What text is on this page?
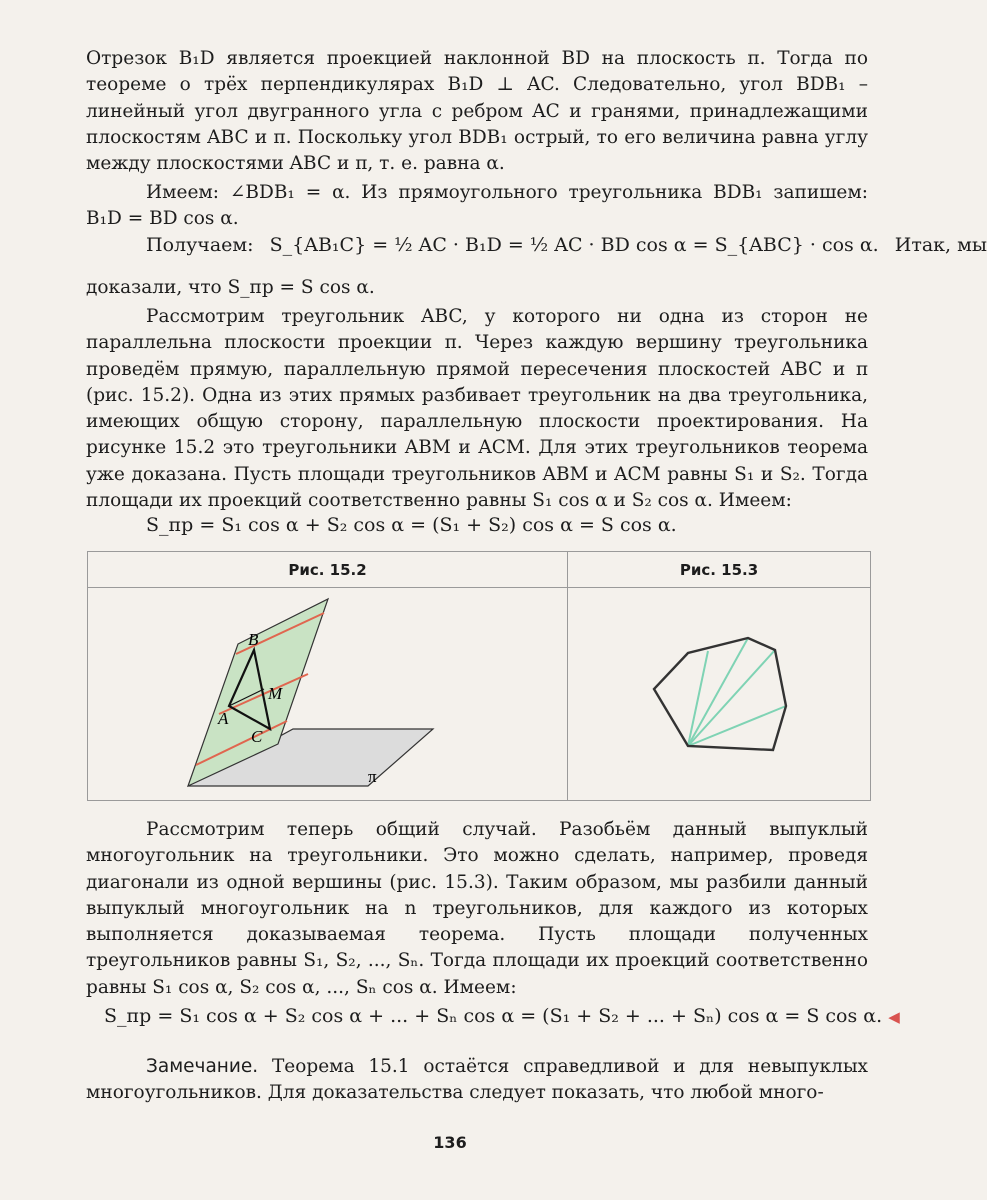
Отрезок B₁D является проекцией наклонной BD на плоскость π. Тогда по теореме о трёх перпендикулярах B₁D ⊥ AC. Следовательно, угол BDB₁ – линейный угол двугранного угла с ребром AC и гранями, принадлежащими плоскостям ABC и π. Поскольку угол BDB₁ острый, то его величина равна углу между плоскостями ABC и π, т. е. равна α.

Имеем: ∠BDB₁ = α. Из прямоугольного треугольника BDB₁ запишем: B₁D = BD cos α.

Получаем: S_{AB₁C} = ½ AC · B₁D = ½ AC · BD cos α = S_{ABC} · cos α. Итак, мы

доказали, что S_пр = S cos α.

Рассмотрим треугольник ABC, у которого ни одна из сторон не параллельна плоскости проекции π. Через каждую вершину треугольника проведём прямую, параллельную прямой пересечения плоскостей ABC и π (рис. 15.2). Одна из этих прямых разбивает треугольник на два треугольника, имеющих общую сторону, параллельную плоскости проектирования. На рисунке 15.2 это треугольники ABM и ACM. Для этих треугольников теорема уже доказана. Пусть площади треугольников ABM и ACM равны S₁ и S₂. Тогда площади их проекций соответственно равны S₁ cos α и S₂ cos α. Имеем:

S_пр = S₁ cos α + S₂ cos α = (S₁ + S₂) cos α = S cos α.
Рис. 15.2	Рис. 15.3
B
M
A
C
π

Рассмотрим теперь общий случай. Разобьём данный выпуклый многоугольник на треугольники. Это можно сделать, например, проведя диагонали из одной вершины (рис. 15.3). Таким образом, мы разбили данный выпуклый многоугольник на n треугольников, для каждого из которых выполняется доказываемая теорема. Пусть площади полученных треугольников равны S₁, S₂, ..., Sₙ. Тогда площади их проекций соответственно равны S₁ cos α, S₂ cos α, ..., Sₙ cos α. Имеем:

S_пр = S₁ cos α + S₂ cos α + ... + Sₙ cos α = (S₁ + S₂ + ... + Sₙ) cos α = S cos α. ◀

Замечание. Теорема 15.1 остаётся справедливой и для невыпуклых многоугольников. Для доказательства следует показать, что любой много-

136
